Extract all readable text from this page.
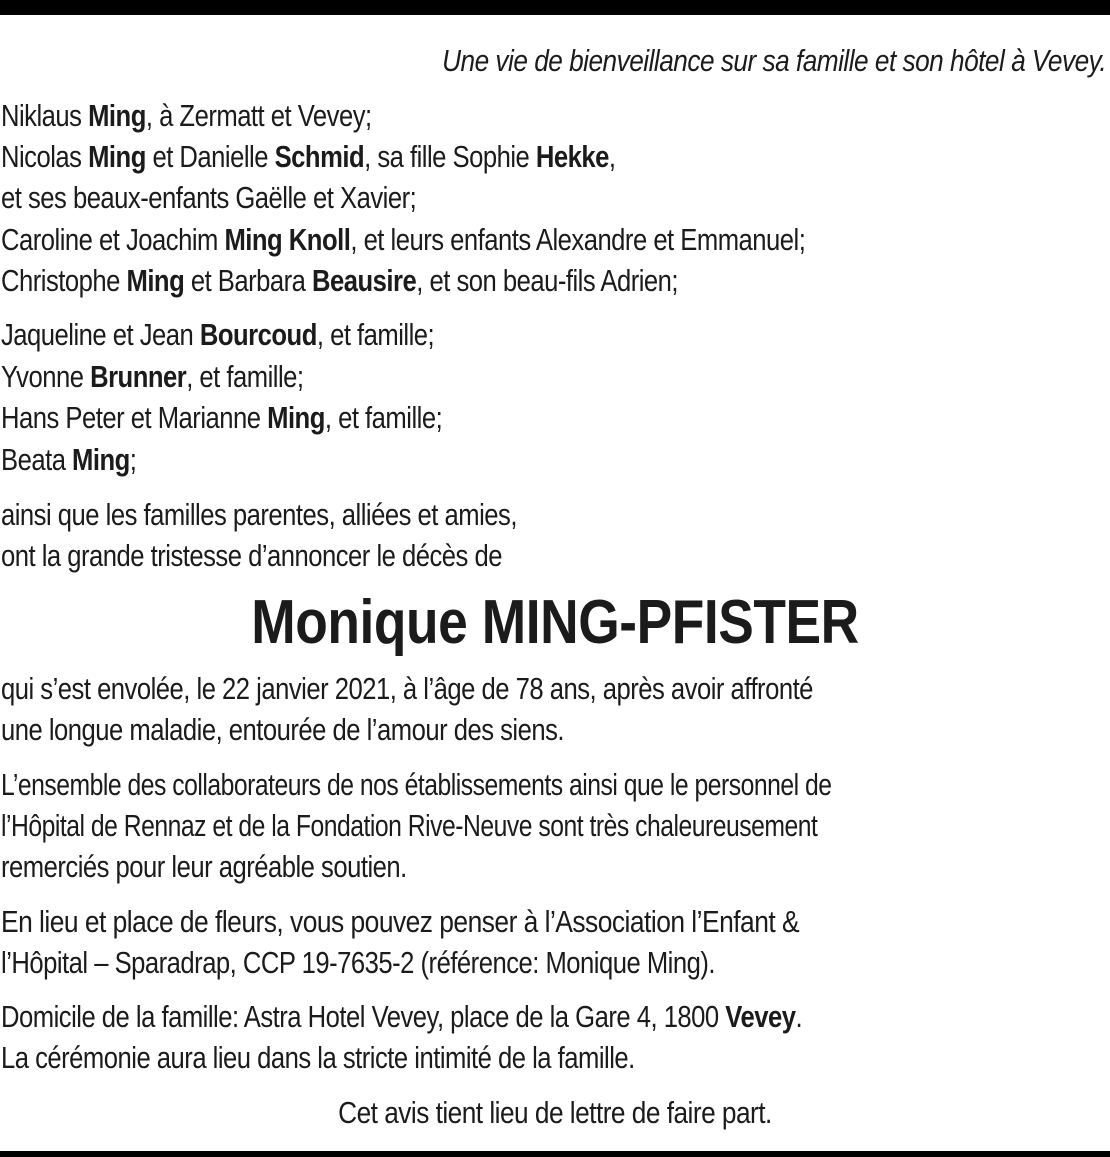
Une vie de bienveillance sur sa famille et son hôtel à Vevey.
Niklaus Ming, à Zermatt et Vevey;
Nicolas Ming et Danielle Schmid, sa fille Sophie Hekke,
et ses beaux-enfants Gaëlle et Xavier;
Caroline et Joachim Ming Knoll, et leurs enfants Alexandre et Emmanuel;
Christophe Ming et Barbara Beausire, et son beau-fils Adrien;
Jaqueline et Jean Bourcoud, et famille;
Yvonne Brunner, et famille;
Hans Peter et Marianne Ming, et famille;
Beata Ming;
ainsi que les familles parentes, alliées et amies,
ont la grande tristesse d’annoncer le décès de
Monique MING-PFISTER
qui s’est envolée, le 22 janvier 2021, à l’âge de 78 ans, après avoir affronté
une longue maladie, entourée de l’amour des siens.
L’ensemble des collaborateurs de nos établissements ainsi que le personnel de
l’Hôpital de Rennaz et de la Fondation Rive-Neuve sont très chaleureusement
remerciés pour leur agréable soutien.
En lieu et place de fleurs, vous pouvez penser à l’Association l’Enfant &
l’Hôpital – Sparadrap, CCP 19-7635-2 (référence: Monique Ming).
Domicile de la famille: Astra Hotel Vevey, place de la Gare 4, 1800 Vevey.
La cérémonie aura lieu dans la stricte intimité de la famille.
Cet avis tient lieu de lettre de faire part.
